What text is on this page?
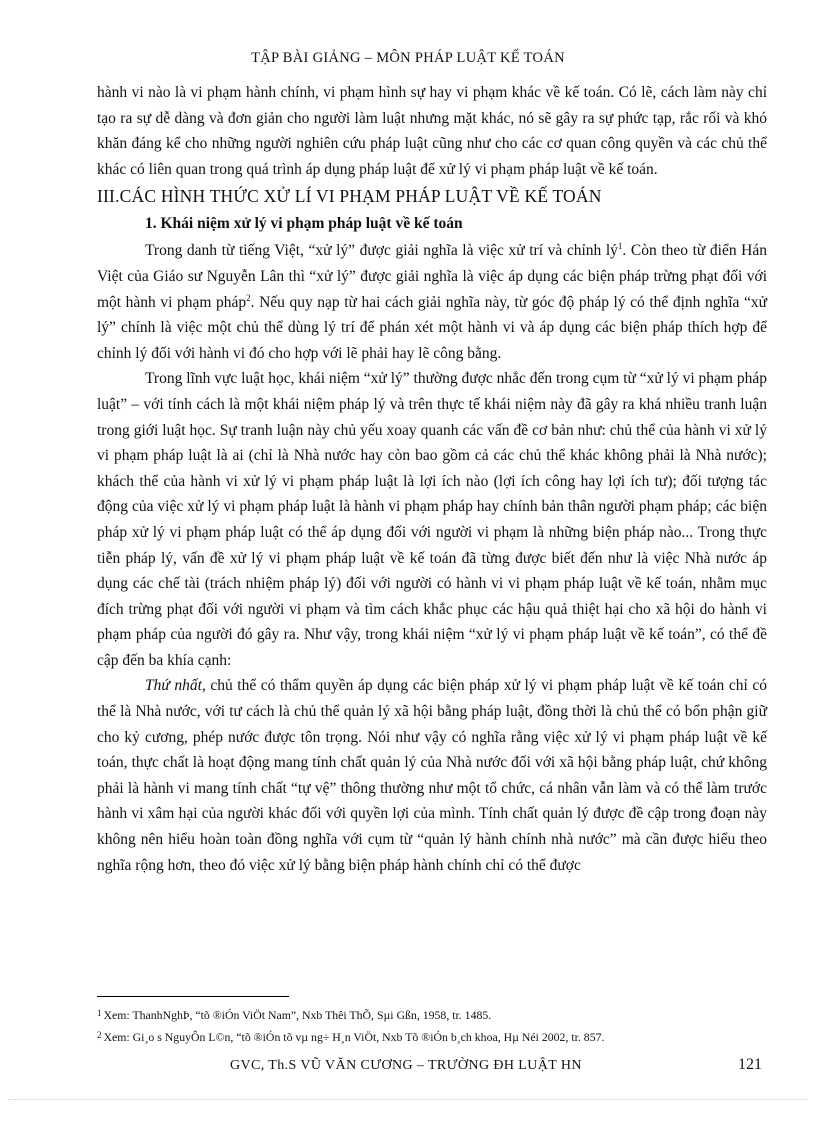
TẬP BÀI GIẢNG – MÔN PHÁP LUẬT KẾ TOÁN

hành vi nào là vi phạm hành chính, vi phạm hình sự hay vi phạm khác về kế toán. Có lẽ, cách làm này chỉ tạo ra sự dễ dàng và đơn giản cho người làm luật nhưng mặt khác, nó sẽ gây ra sự phức tạp, rắc rối và khó khăn đáng kể cho những người nghiên cứu pháp luật cũng như cho các cơ quan công quyền và các chủ thể khác có liên quan trong quá trình áp dụng pháp luật để xử lý vi phạm pháp luật về kế toán.

III.CÁC HÌNH THỨC XỬ LÍ VI PHẠM PHÁP LUẬT VỀ KẾ TOÁN

1. Khái niệm xử lý vi phạm pháp luật về kế toán

Trong danh từ tiếng Việt, “xử lý” được giải nghĩa là việc xử trí và chỉnh $lý^1$. Còn theo từ điển Hán Việt của Giáo sư Nguyễn Lân thì “xử lý” được giải nghĩa là việc áp dụng các biện pháp trừng phạt đối với một hành vi phạm pháp$^2$. Nếu quy nạp từ hai cách giải nghĩa này, từ góc độ pháp lý có thể định nghĩa “xử lý” chính là việc một chủ thể dùng lý trí để phán xét một hành vi và áp dụng các biện pháp thích hợp để chỉnh lý đối với hành vi đó cho hợp với lẽ phải hay lẽ công bằng.

Trong lĩnh vực luật học, khái niệm “xử lý” thường được nhắc đến trong cụm từ “xử lý vi phạm pháp luật” – với tính cách là một khái niệm pháp lý và trên thực tế khái niệm này đã gây ra khá nhiều tranh luận trong giới luật học. Sự tranh luận này chủ yếu xoay quanh các vấn đề cơ bản như: chủ thể của hành vi xử lý vi phạm pháp luật là ai (chỉ là Nhà nước hay còn bao gồm cả các chủ thể khác không phải là Nhà nước); khách thể của hành vi xử lý vi phạm pháp luật là lợi ích nào (lợi ích công hay lợi ích tư); đối tượng tác động của việc xử lý vi phạm pháp luật là hành vi phạm pháp hay chính bản thân người phạm pháp; các biện pháp xử lý vi phạm pháp luật có thể áp dụng đối với người vi phạm là những biện pháp nào... Trong thực tiễn pháp lý, vấn đề xử lý vi phạm pháp luật về kế toán đã từng được biết đến như là việc Nhà nước áp dụng các chế tài (trách nhiệm pháp lý) đối với người có hành vi vi phạm pháp luật về kế toán, nhằm mục đích trừng phạt đối với người vi phạm và tìm cách khắc phục các hậu quả thiệt hại cho xã hội do hành vi phạm pháp của người đó gây ra. Như vậy, trong khái niệm “xử lý vi phạm pháp luật về kế toán”, có thể đề cập đến ba khía cạnh:

Thứ nhất, chủ thể có thẩm quyền áp dụng các biện pháp xử lý vi phạm pháp luật về kế toán chỉ có thể là Nhà nước, với tư cách là chủ thể quản lý xã hội bằng pháp luật, đồng thời là chủ thể có bổn phận giữ cho kỷ cương, phép nước được tôn trọng. Nói như vậy có nghĩa rằng việc xử lý vi phạm pháp luật về kế toán, thực chất là hoạt động mang tính chất quản lý của Nhà nước đối với xã hội bằng pháp luật, chứ không phải là hành vi mang tính chất “tự vệ” thông thường như một tổ chức, cá nhân vẫn làm và có thể làm trước hành vi xâm hại của người khác đối với quyền lợi của mình. Tính chất quản lý được đề cập trong đoạn này không nên hiểu hoàn toàn đồng nghĩa với cụm từ “quản lý hành chính nhà nước” mà cần được hiểu theo nghĩa rộng hơn, theo đó việc xử lý bằng biện pháp hành chính chỉ có thể được

$^1$ Xem: ThanhNghÞ, “tõ ®iÓn ViÖt Nam”, Nxb Thêi ThÕ, Sµi Gßn, 1958, tr. 1485.

$^2$ Xem: Gi¸o s NguyÔn L©n, “tõ ®iÓn tõ vµ ng÷ H¸n ViÖt, Nxb Tõ ®iÓn b¸ch khoa, Hµ Néi 2002, tr. 857.

GVC, Th.S VŨ VĂN CƯƠNG – TRƯỜNG ĐH LUẬT HN	121
